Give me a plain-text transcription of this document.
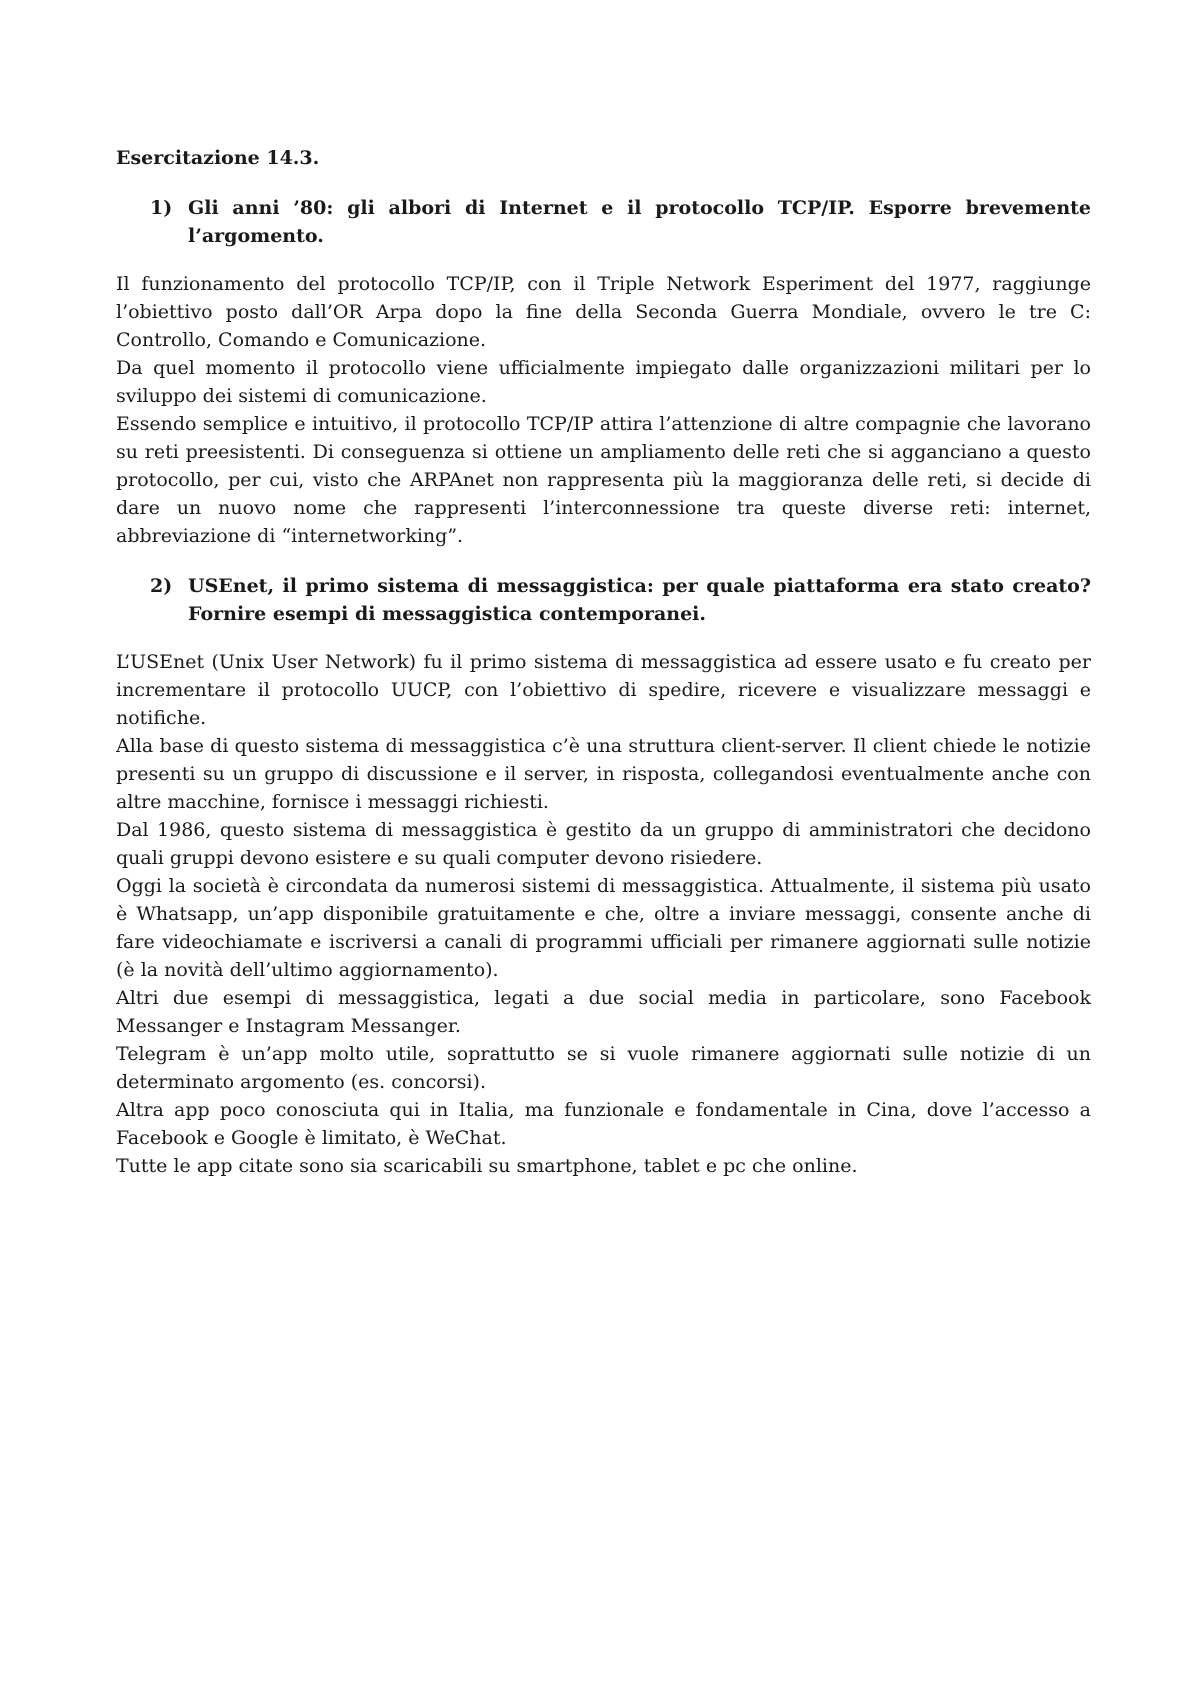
Esercitazione 14.3.
1) Gli anni ’80: gli albori di Internet e il protocollo TCP/IP. Esporre brevemente l’argomento.

Il funzionamento del protocollo TCP/IP, con il Triple Network Esperiment del 1977, raggiunge l’obiettivo posto dall’OR Arpa dopo la fine della Seconda Guerra Mondiale, ovvero le tre C: Controllo, Comando e Comunicazione.

Da quel momento il protocollo viene ufficialmente impiegato dalle organizzazioni militari per lo sviluppo dei sistemi di comunicazione.

Essendo semplice e intuitivo, il protocollo TCP/IP attira l’attenzione di altre compagnie che lavorano su reti preesistenti. Di conseguenza si ottiene un ampliamento delle reti che si agganciano a questo protocollo, per cui, visto che ARPAnet non rappresenta più la maggioranza delle reti, si decide di dare un nuovo nome che rappresenti l’interconnessione tra queste diverse reti: internet, abbreviazione di “internetworking”.

2) USEnet, il primo sistema di messaggistica: per quale piattaforma era stato creato? Fornire esempi di messaggistica contemporanei.

L’USEnet (Unix User Network) fu il primo sistema di messaggistica ad essere usato e fu creato per incrementare il protocollo UUCP, con l’obiettivo di spedire, ricevere e visualizzare messaggi e notifiche.

Alla base di questo sistema di messaggistica c’è una struttura client-server. Il client chiede le notizie presenti su un gruppo di discussione e il server, in risposta, collegandosi eventualmente anche con altre macchine, fornisce i messaggi richiesti.

Dal 1986, questo sistema di messaggistica è gestito da un gruppo di amministratori che decidono quali gruppi devono esistere e su quali computer devono risiedere.

Oggi la società è circondata da numerosi sistemi di messaggistica. Attualmente, il sistema più usato è Whatsapp, un’app disponibile gratuitamente e che, oltre a inviare messaggi, consente anche di fare videochiamate e iscriversi a canali di programmi ufficiali per rimanere aggiornati sulle notizie (è la novità dell’ultimo aggiornamento).

Altri due esempi di messaggistica, legati a due social media in particolare, sono Facebook Messanger e Instagram Messanger.

Telegram è un’app molto utile, soprattutto se si vuole rimanere aggiornati sulle notizie di un determinato argomento (es. concorsi).

Altra app poco conosciuta qui in Italia, ma funzionale e fondamentale in Cina, dove l’accesso a Facebook e Google è limitato, è WeChat.

Tutte le app citate sono sia scaricabili su smartphone, tablet e pc che online.
